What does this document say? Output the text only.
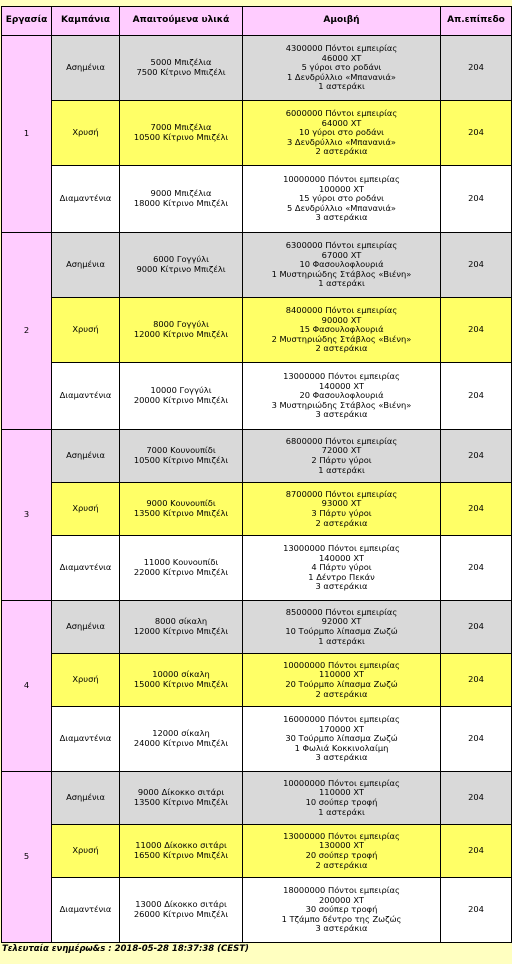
Εργασία	Καμπάνια	Απαιτούμενα υλικά	Αμοιβή	Απ.επίπεδο
1	Ασημένια	5000 Μπιζέλια
7500 Κίτρινο Μπιζέλι	4300000 Πόντοι εμπειρίας
46000 XT
5 γύροι στο ροδάνι
1 Δενδρύλλιο «Μπανανιά»
1 αστεράκι	204
	Χρυσή	7000 Μπιζέλια
10500 Κίτρινο Μπιζέλι	6000000 Πόντοι εμπειρίας
64000 XT
10 γύροι στο ροδάνι
3 Δενδρύλλιο «Μπανανιά»
2 αστεράκια	204
	Διαμαντένια	9000 Μπιζέλια
18000 Κίτρινο Μπιζέλι	10000000 Πόντοι εμπειρίας
100000 XT
15 γύροι στο ροδάνι
5 Δενδρύλλιο «Μπανανιά»
3 αστεράκια	204
2	Ασημένια	6000 Γογγύλι
9000 Κίτρινο Μπιζέλι	6300000 Πόντοι εμπειρίας
67000 XT
10 Φασουλοφλουριά
1 Μυστηριώδης Στάβλος «Βιένη»
1 αστεράκι	204
	Χρυσή	8000 Γογγύλι
12000 Κίτρινο Μπιζέλι	8400000 Πόντοι εμπειρίας
90000 XT
15 Φασουλοφλουριά
2 Μυστηριώδης Στάβλος «Βιένη»
2 αστεράκια	204
	Διαμαντένια	10000 Γογγύλι
20000 Κίτρινο Μπιζέλι	13000000 Πόντοι εμπειρίας
140000 XT
20 Φασουλοφλουριά
3 Μυστηριώδης Στάβλος «Βιένη»
3 αστεράκια	204
3	Ασημένια	7000 Κουνουπίδι
10500 Κίτρινο Μπιζέλι	6800000 Πόντοι εμπειρίας
72000 XT
2 Πάρτυ γύροι
1 αστεράκι	204
	Χρυσή	9000 Κουνουπίδι
13500 Κίτρινο Μπιζέλι	8700000 Πόντοι εμπειρίας
93000 XT
3 Πάρτυ γύροι
2 αστεράκια	204
	Διαμαντένια	11000 Κουνουπίδι
22000 Κίτρινο Μπιζέλι	13000000 Πόντοι εμπειρίας
140000 XT
4 Πάρτυ γύροι
1 Δέντρο Πεκάν
3 αστεράκια	204
4	Ασημένια	8000 σίκαλη
12000 Κίτρινο Μπιζέλι	8500000 Πόντοι εμπειρίας
92000 XT
10 Τούρμπο λίπασμα Ζωζώ
1 αστεράκι	204
	Χρυσή	10000 σίκαλη
15000 Κίτρινο Μπιζέλι	10000000 Πόντοι εμπειρίας
110000 XT
20 Τούρμπο λίπασμα Ζωζώ
2 αστεράκια	204
	Διαμαντένια	12000 σίκαλη
24000 Κίτρινο Μπιζέλι	16000000 Πόντοι εμπειρίας
170000 XT
30 Τούρμπο λίπασμα Ζωζώ
1 Φωλιά Κοκκινολαίμη
3 αστεράκια	204
5	Ασημένια	9000 Δίκοκκο σιτάρι
13500 Κίτρινο Μπιζέλι	10000000 Πόντοι εμπειρίας
110000 XT
10 σούπερ τροφή
1 αστεράκι	204
	Χρυσή	11000 Δίκοκκο σιτάρι
16500 Κίτρινο Μπιζέλι	13000000 Πόντοι εμπειρίας
130000 XT
20 σούπερ τροφή
2 αστεράκια	204
	Διαμαντένια	13000 Δίκοκκο σιτάρι
26000 Κίτρινο Μπιζέλι	18000000 Πόντοι εμπειρίας
200000 XT
30 σούπερ τροφή
1 Τζάμπο δέντρο της Ζωζώς
3 αστεράκια	204
Τελευταία ενημέρω&s : 2018-05-28 18:37:38 (CEST)
